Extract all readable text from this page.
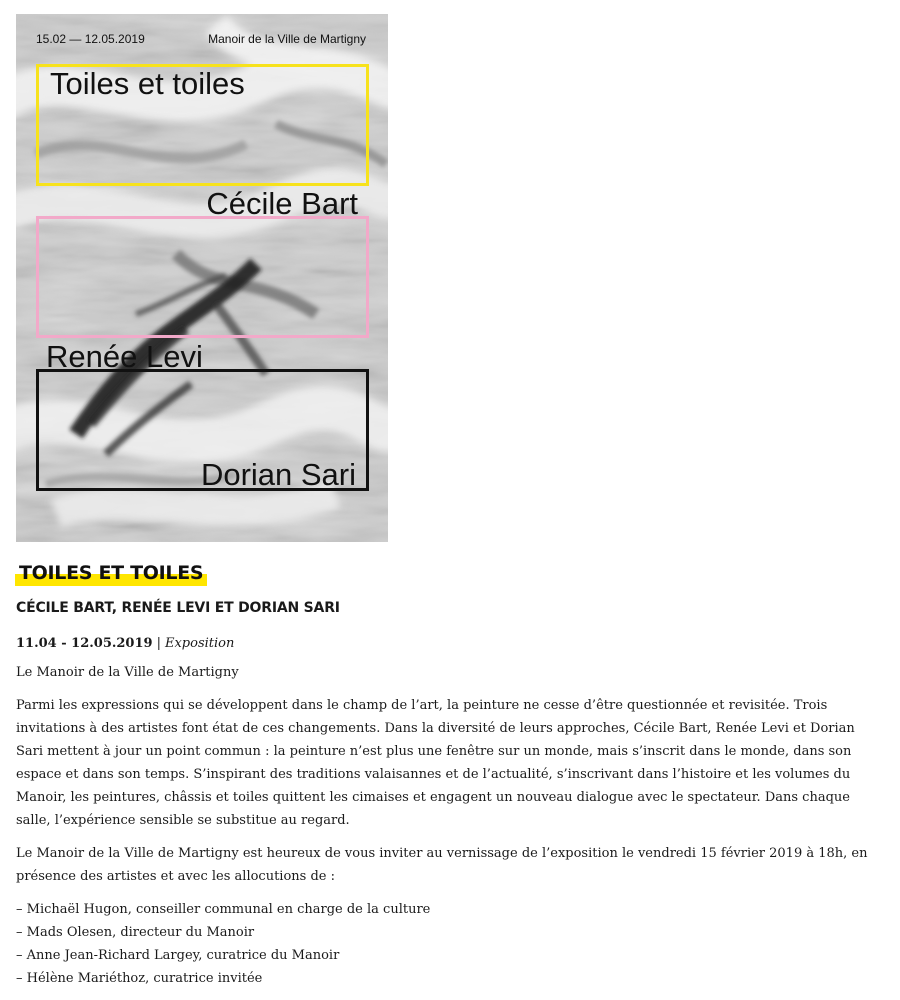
15.02 — 12.05.2019	Manoir de la Ville de Martigny
Toiles et toiles
Cécile Bart
Renée Levi
Dorian Sari
TOILES ET TOILES
CÉCILE BART, RENÉE LEVI ET DORIAN SARI
11.04 - 12.05.2019 | Exposition

Le Manoir de la Ville de Martigny

Parmi les expressions qui se développent dans le champ de l’art, la peinture ne cesse d’être questionnée et revisitée. Trois invitations à des artistes font état de ces changements. Dans la diversité de leurs approches, Cécile Bart, Renée Levi et Dorian Sari mettent à jour un point commun : la peinture n’est plus une fenêtre sur un monde, mais s’inscrit dans le monde, dans son espace et dans son temps. S’inspirant des traditions valaisannes et de l’actualité, s’inscrivant dans l’histoire et les volumes du Manoir, les peintures, châssis et toiles quittent les cimaises et engagent un nouveau dialogue avec le spectateur. Dans chaque salle, l’expérience sensible se substitue au regard.

Le Manoir de la Ville de Martigny est heureux de vous inviter au vernissage de l’exposition le vendredi 15 février 2019 à 18h, en présence des artistes et avec les allocutions de :

– Michaël Hugon, conseiller communal en charge de la culture
– Mads Olesen, directeur du Manoir
– Anne Jean-Richard Largey, curatrice du Manoir
– Hélène Mariéthoz, curatrice invitée
